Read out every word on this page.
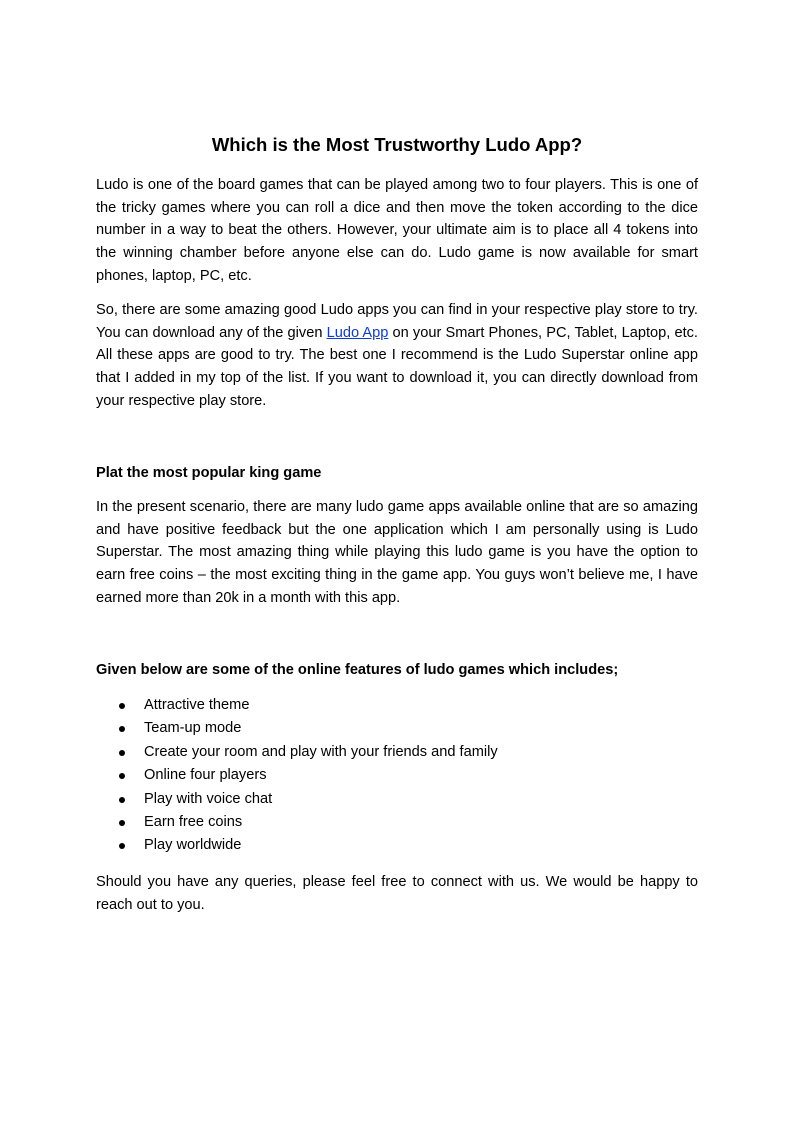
Which is the Most Trustworthy Ludo App?

Ludo is one of the board games that can be played among two to four players. This is one of the tricky games where you can roll a dice and then move the token according to the dice number in a way to beat the others. However, your ultimate aim is to place all 4 tokens into the winning chamber before anyone else can do. Ludo game is now available for smart phones, laptop, PC, etc.

So, there are some amazing good Ludo apps you can find in your respective play store to try. You can download any of the given Ludo App on your Smart Phones, PC, Tablet, Laptop, etc. All these apps are good to try. The best one I recommend is the Ludo Superstar online app that I added in my top of the list. If you want to download it, you can directly download from your respective play store.

Plat the most popular king game

In the present scenario, there are many ludo game apps available online that are so amazing and have positive feedback but the one application which I am personally using is Ludo Superstar. The most amazing thing while playing this ludo game is you have the option to earn free coins – the most exciting thing in the game app. You guys won’t believe me, I have earned more than 20k in a month with this app.

Given below are some of the online features of ludo games which includes;
Attractive theme
Team-up mode
Create your room and play with your friends and family
Online four players
Play with voice chat
Earn free coins
Play worldwide

Should you have any queries, please feel free to connect with us. We would be happy to reach out to you.
